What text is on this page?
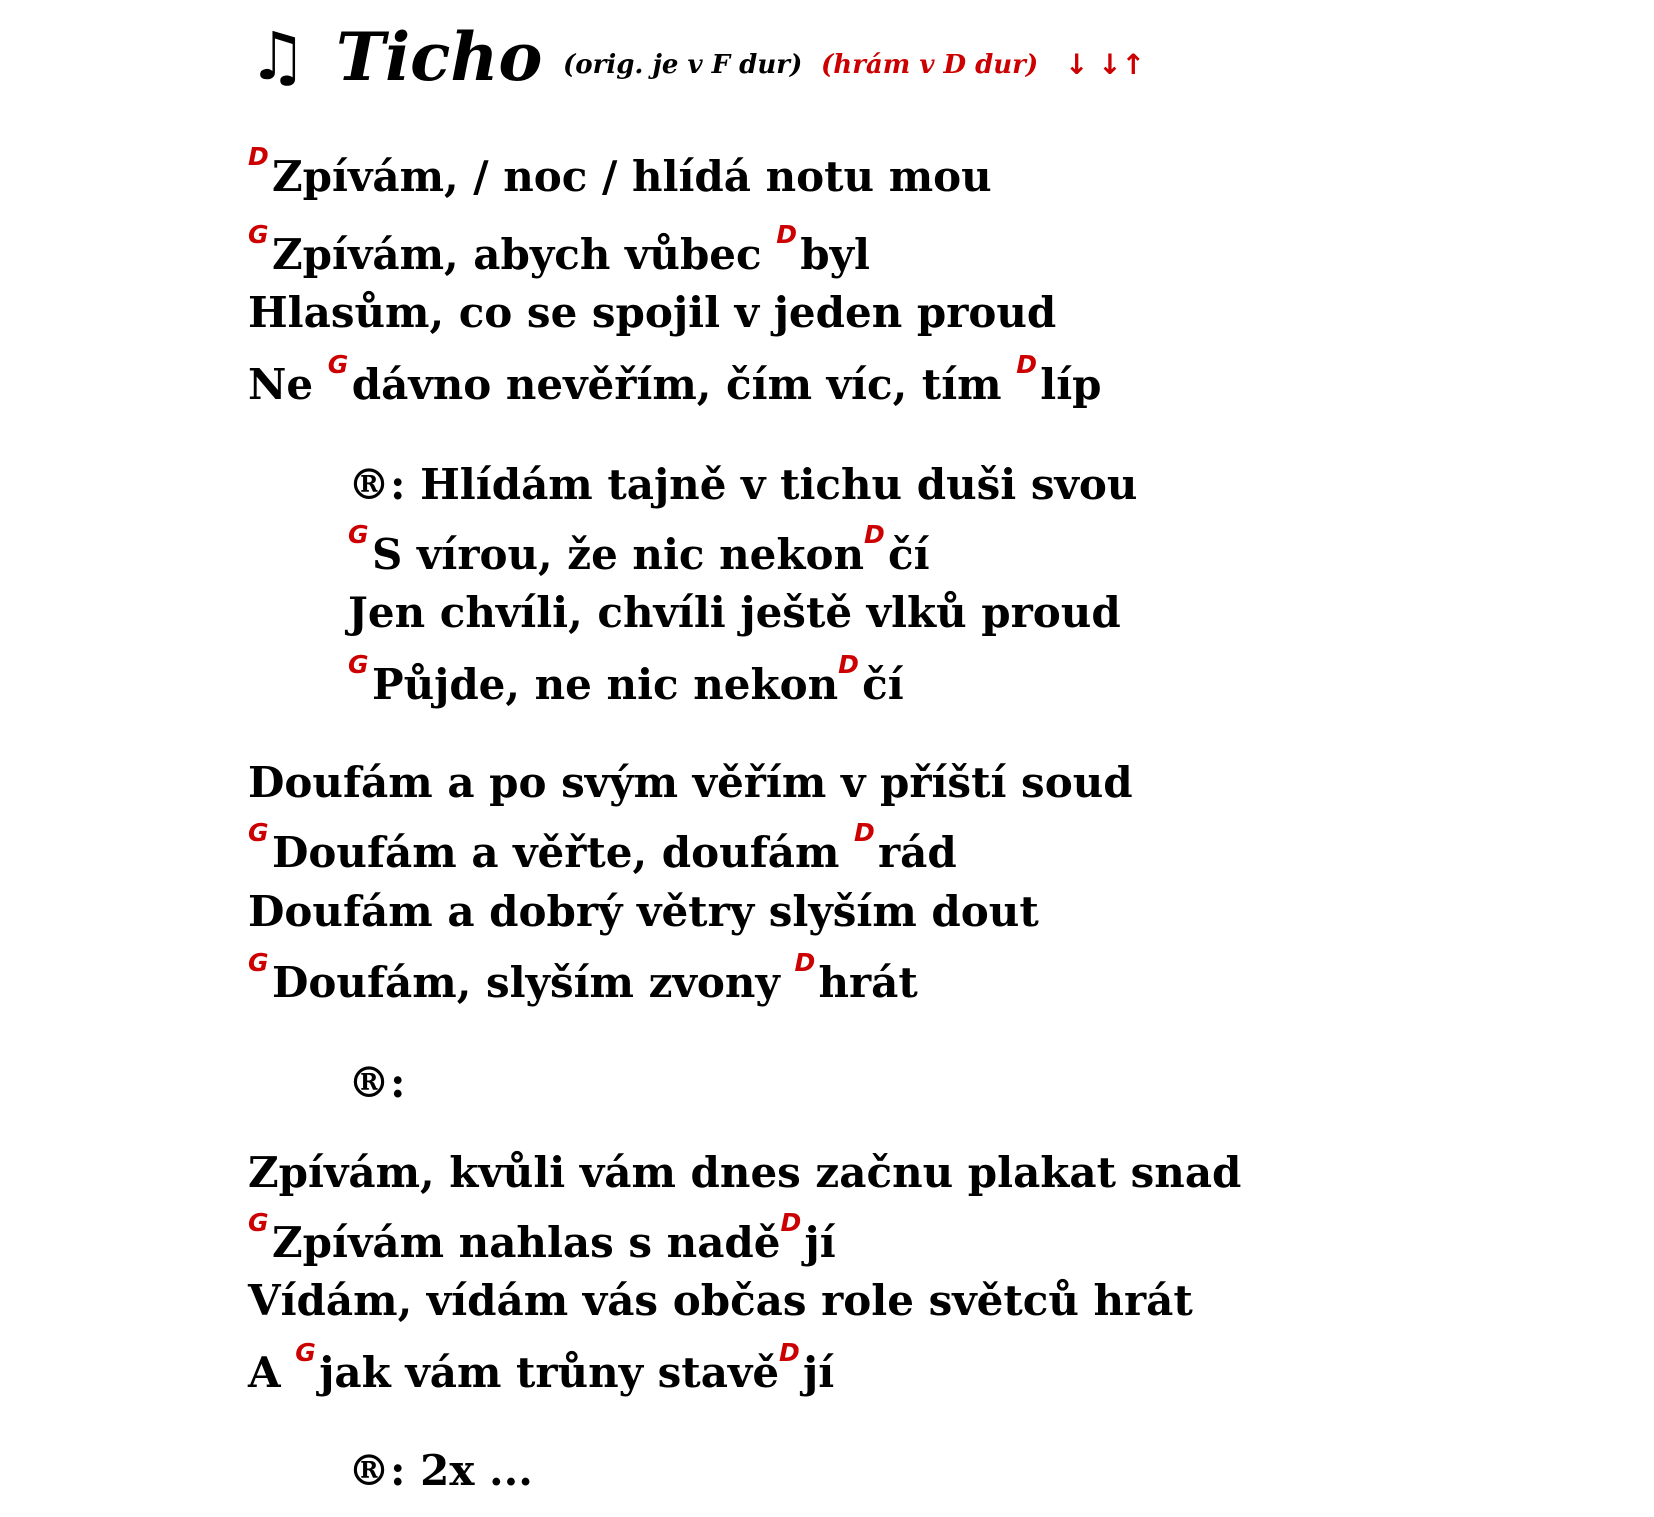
♫ Ticho (orig. je v F dur) (hrám v D dur) ↓ ↓↑
D Zpívám, / noc / hlídá notu mou
G Zpívám, abych vůbec D byl
Hlasům, co se spojil v jeden proud
Ne G dávno nevěřím, čím víc, tím D líp
®: Hlídám tajně v tichu duši svou
G S vírou, že nic nekon D čí
Jen chvíli, chvíli ještě vlků proud
G Půjde, ne nic nekon D čí
Doufám a po svým věřím v příští soud
G Doufám a věřte, doufám D rád
Doufám a dobrý větry slyším dout
G Doufám, slyším zvony D hrát
®:
Zpívám, kvůli vám dnes začnu plakat snad
G Zpívám nahlas s nadě D jí
Vídám, vídám vás občas role světců hrát
A G jak vám trůny stavě D jí
®: 2x ...
